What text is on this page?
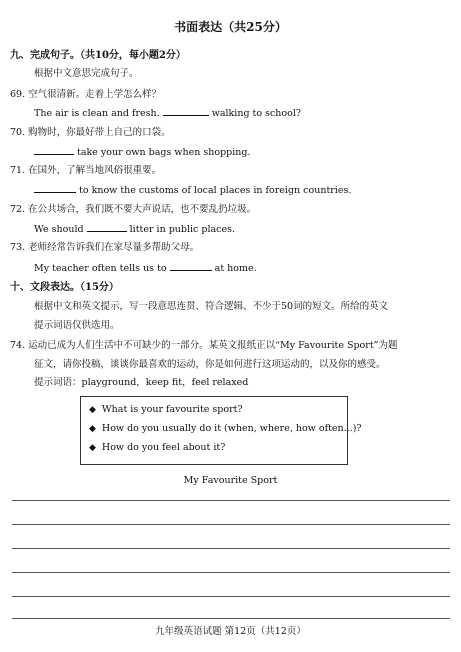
书面表达（共25分）
九、完成句子。（共10分，每小题2分）
根据中文意思完成句子。
69. 空气很清新。走着上学怎么样？
The air is clean and fresh.	walking to school?
70. 购物时，你最好带上自己的口袋。
take your own bags when shopping.
71. 在国外，了解当地风俗很重要。
to know the customs of local places in foreign countries.
72. 在公共场合，我们既不要大声说话，也不要乱扔垃圾。
We should	litter in public places.
73. 老师经常告诉我们在家尽量多帮助父母。
My teacher often tells us to	at home.
十、文段表达。（15分）
根据中文和英文提示，写一段意思连贯、符合逻辑、不少于50词的短文。所给的英文
提示词语仅供选用。
74. 运动已成为人们生活中不可缺少的一部分。某英文报纸正以“My Favourite Sport”为题
征文，请你投稿，谈谈你最喜欢的运动，你是如何进行这项运动的，以及你的感受。
提示词语：playground，keep fit，feel relaxed
◆ What is your favourite sport?
◆ How do you usually do it (when, where, how often...)?
◆ How do you feel about it?
My Favourite Sport
九年级英语试题 第12页（共12页）
